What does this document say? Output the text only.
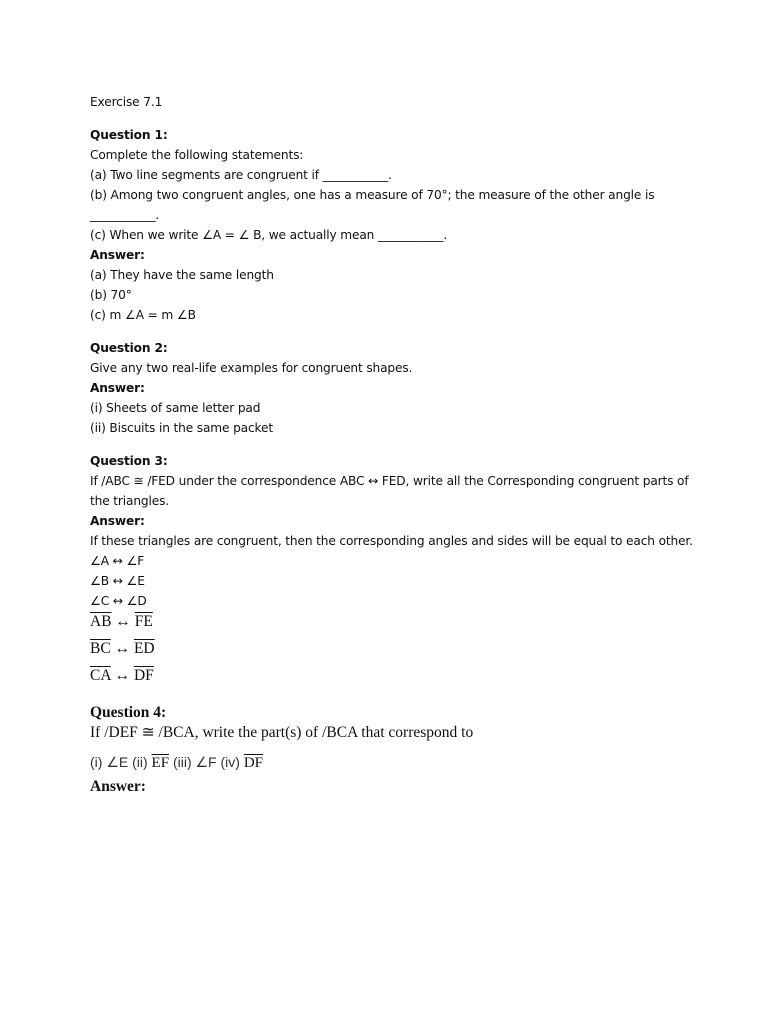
Exercise 7.1
Question 1:
Complete the following statements:
(a) Two line segments are congruent if ___________.
(b) Among two congruent angles, one has a measure of 70°; the measure of the other angle is
___________.
(c) When we write ∠A = ∠ B, we actually mean ___________.
Answer:
(a) They have the same length
(b) 70°
(c) m ∠A = m ∠B
Question 2:
Give any two real-life examples for congruent shapes.
Answer:
(i) Sheets of same letter pad
(ii) Biscuits in the same packet
Question 3:
If /ABC ≅ /FED under the correspondence ABC ↔ FED, write all the Corresponding congruent parts of
the triangles.
Answer:
If these triangles are congruent, then the corresponding angles and sides will be equal to each other.
∠A ↔ ∠F
∠B ↔ ∠E
∠C ↔ ∠D
$\overline{AB}$ ↔ $\overline{FE}$
$\overline{BC}$ ↔ $\overline{ED}$
$\overline{CA}$ ↔ $\overline{DF}$
Question 4:
If /DEF ≅ /BCA, write the part(s) of /BCA that correspond to
(i) ∠E (ii) $\overline{EF}$ (iii) ∠F (iv) $\overline{DF}$
Answer:
